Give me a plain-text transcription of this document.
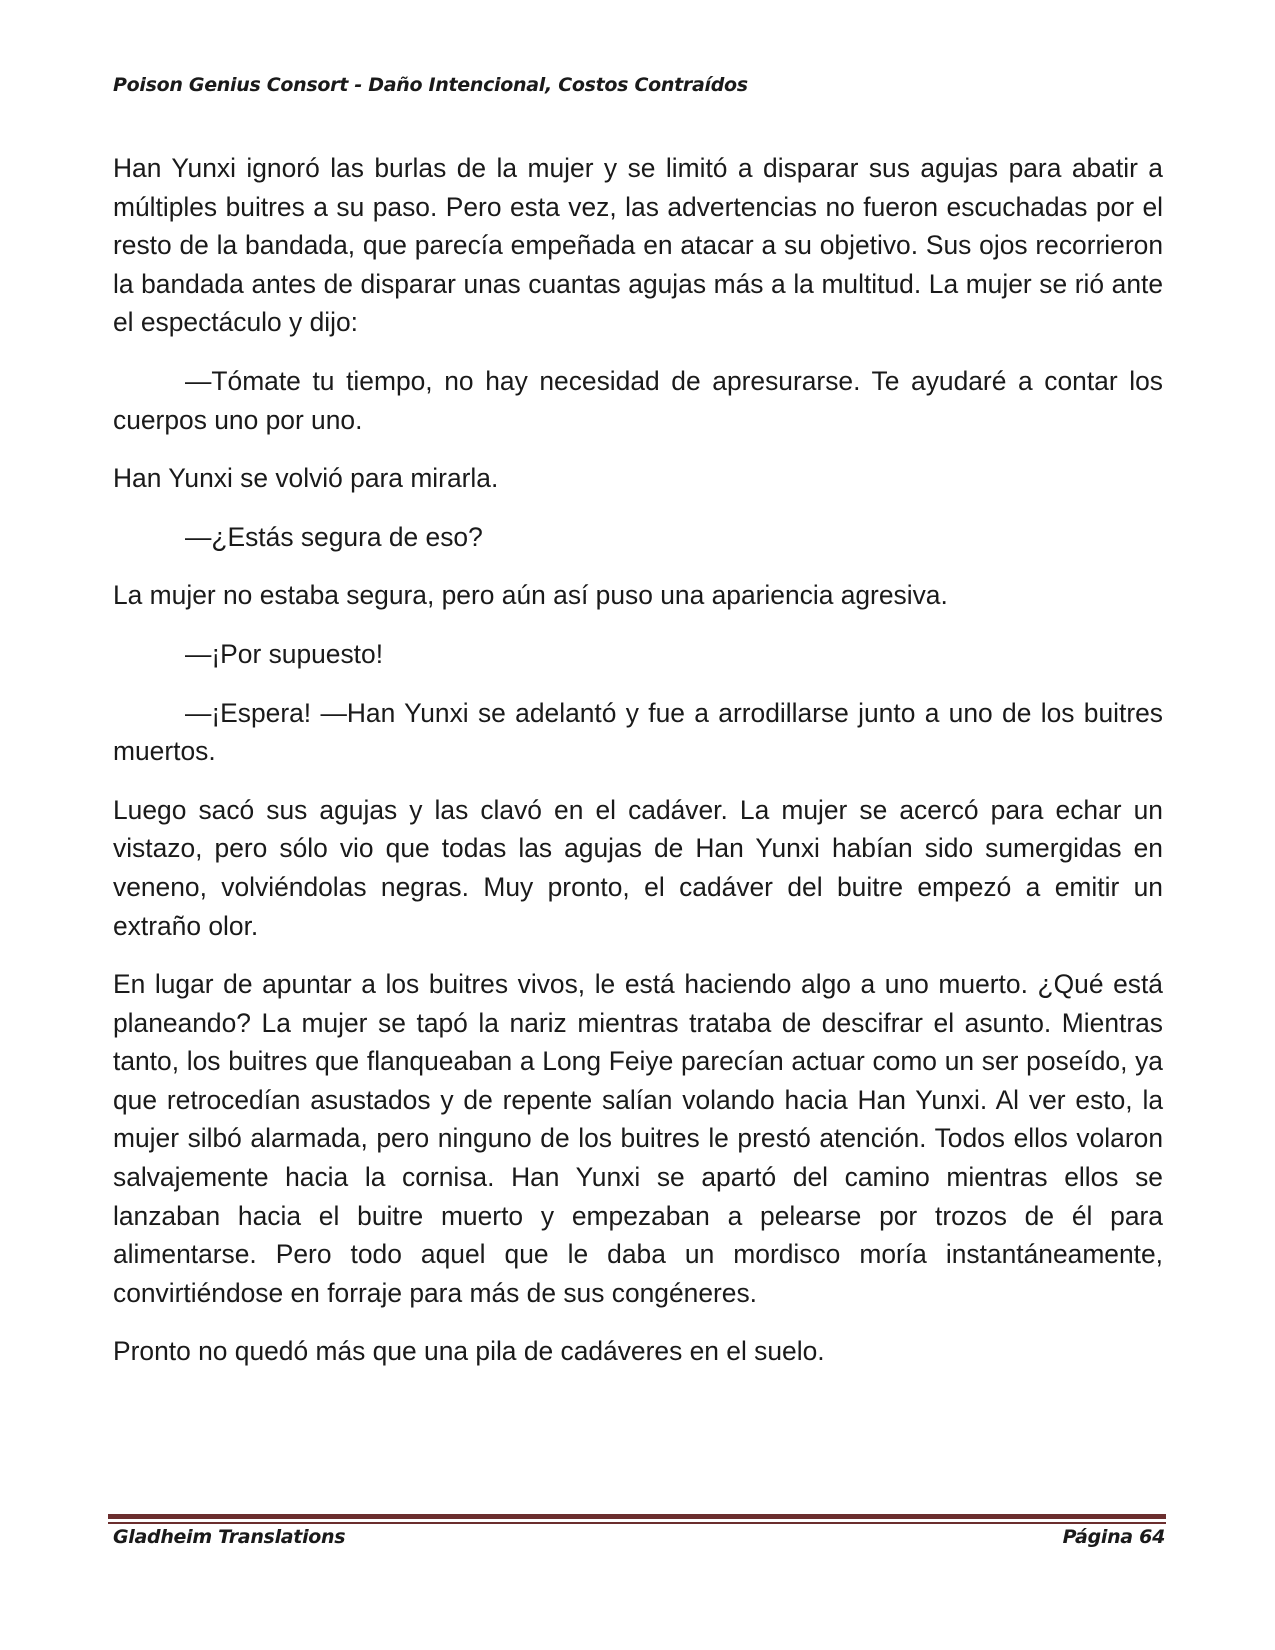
Poison Genius Consort - Daño Intencional, Costos Contraídos

Han Yunxi ignoró las burlas de la mujer y se limitó a disparar sus agujas para abatir a múltiples buitres a su paso. Pero esta vez, las advertencias no fueron escuchadas por el resto de la bandada, que parecía empeñada en atacar a su objetivo. Sus ojos recorrieron la bandada antes de disparar unas cuantas agujas más a la multitud. La mujer se rió ante el espectáculo y dijo:

—Tómate tu tiempo, no hay necesidad de apresurarse. Te ayudaré a contar los cuerpos uno por uno.

Han Yunxi se volvió para mirarla.

—¿Estás segura de eso?

La mujer no estaba segura, pero aún así puso una apariencia agresiva.

—¡Por supuesto!

—¡Espera! —Han Yunxi se adelantó y fue a arrodillarse junto a uno de los buitres muertos.

Luego sacó sus agujas y las clavó en el cadáver. La mujer se acercó para echar un vistazo, pero sólo vio que todas las agujas de Han Yunxi habían sido sumergidas en veneno, volviéndolas negras. Muy pronto, el cadáver del buitre empezó a emitir un extraño olor.

En lugar de apuntar a los buitres vivos, le está haciendo algo a uno muerto. ¿Qué está planeando? La mujer se tapó la nariz mientras trataba de descifrar el asunto. Mientras tanto, los buitres que flanqueaban a Long Feiye parecían actuar como un ser poseído, ya que retrocedían asustados y de repente salían volando hacia Han Yunxi. Al ver esto, la mujer silbó alarmada, pero ninguno de los buitres le prestó atención. Todos ellos volaron salvajemente hacia la cornisa. Han Yunxi se apartó del camino mientras ellos se lanzaban hacia el buitre muerto y empezaban a pelearse por trozos de él para alimentarse. Pero todo aquel que le daba un mordisco moría instantáneamente, convirtiéndose en forraje para más de sus congéneres.

Pronto no quedó más que una pila de cadáveres en el suelo.

Gladheim Translations	Página 64
